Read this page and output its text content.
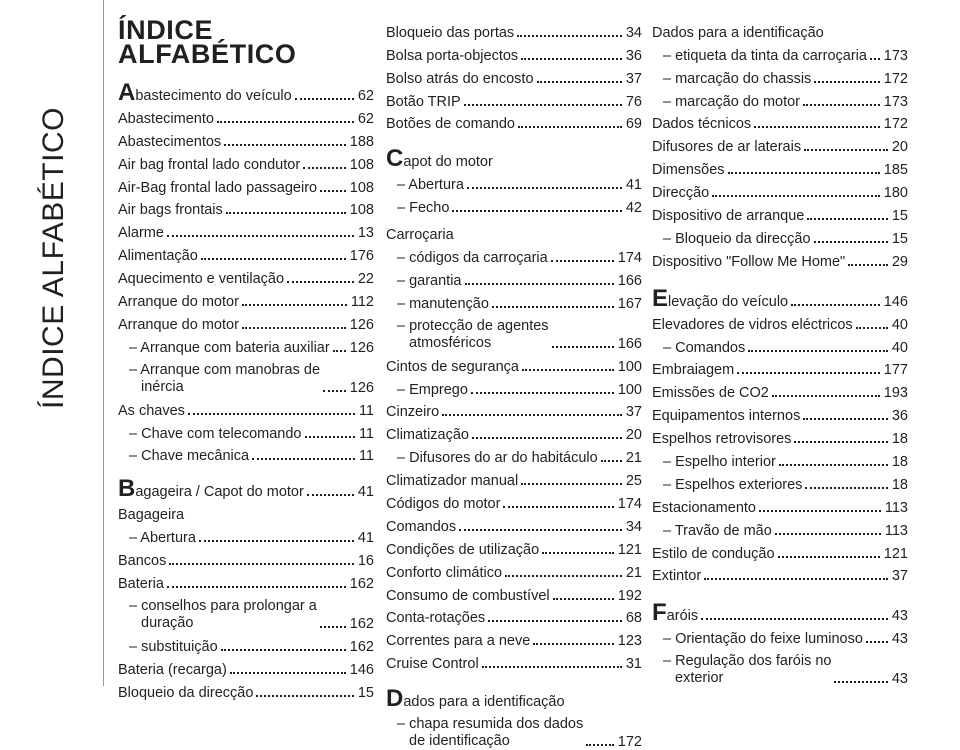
ÍNDICE ALFABÉTICO
ÍNDICE
ALFABÉTICO
Abastecimento do veículo	62
Abastecimento	62
Abastecimentos	188
Air bag frontal lado condutor	108
Air-Bag frontal lado passageiro 108
Air bags frontais	108
Alarme	13
Alimentação	176
Aquecimento e ventilação	22
Arranque do motor	112
Arranque do motor	126
– Arranque com bateria auxiliar 126
– Arranque com manobras de
inércia	126
As chaves	11
– Chave com telecomando	11
– Chave mecânica	11
Bagageira / Capot do motor	41
Bagageira
– Abertura	41
Bancos	16
Bateria	162
– conselhos para prolongar a
duração	162
– substituição	162
Bateria (recarga)	146
Bloqueio da direcção	15
Bloqueio das portas	34
Bolsa porta-objectos	36
Bolso atrás do encosto	37
Botão TRIP	76
Botões de comando	69
Capot do motor
– Abertura	41
– Fecho	42
Carroçaria
– códigos da carroçaria	174
– garantia	166
– manutenção	167
– protecção de agentes
atmosféricos	166
Cintos de segurança	100
– Emprego	100
Cinzeiro	37
Climatização	20
– Difusores do ar do habitáculo 21
Climatizador manual	25
Códigos do motor	174
Comandos	34
Condições de utilização	121
Conforto climático	21
Consumo de combustível	192
Conta-rotações	68
Correntes para a neve	123
Cruise Control	31
Dados para a identificação
– chapa resumida dos dados
de identificação	172
Dados para a identificação
– etiqueta da tinta da carroçaria 173
– marcação do chassis	172
– marcação do motor	173
Dados técnicos	172
Difusores de ar laterais	20
Dimensões	185
Direcção	180
Dispositivo de arranque	15
– Bloqueio da direcção	15
Dispositivo "Follow Me Home"	29
Elevação do veículo	146
Elevadores de vidros eléctricos	40
– Comandos	40
Embraiagem	177
Emissões de CO2	193
Equipamentos internos	36
Espelhos retrovisores	18
– Espelho interior	18
– Espelhos exteriores	18
Estacionamento	113
– Travão de mão	113
Estilo de condução	121
Extintor	37
Faróis	43
– Orientação do feixe luminoso 43
– Regulação dos faróis no
exterior	43
